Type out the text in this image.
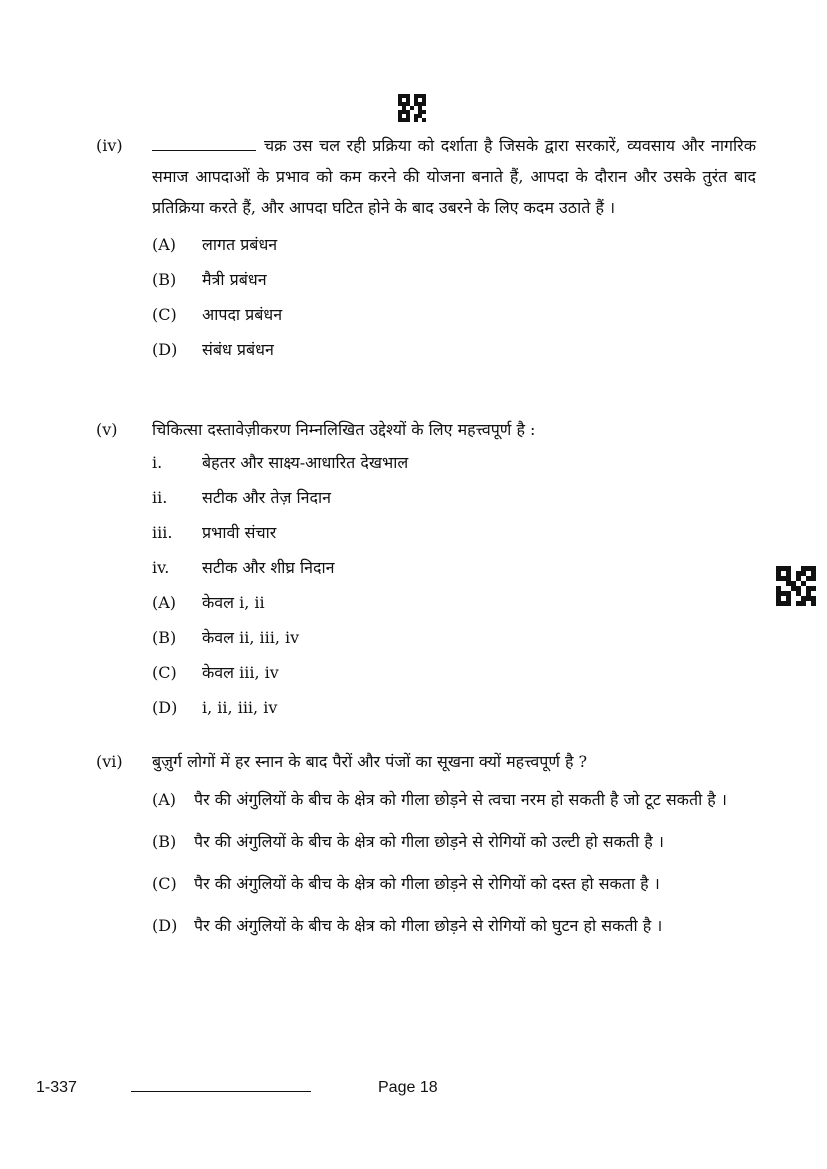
(iv)	चक्र उस चल रही प्रक्रिया को दर्शाता है जिसके द्वारा सरकारें, व्यवसाय और नागरिक समाज आपदाओं के प्रभाव को कम करने की योजना बनाते हैं, आपदा के दौरान और उसके तुरंत बाद प्रतिक्रिया करते हैं, और आपदा घटित होने के बाद उबरने के लिए कदम उठाते हैं ।

(A)	लागत प्रबंधन
(B)	मैत्री प्रबंधन
(C)	आपदा प्रबंधन
(D)	संबंध प्रबंधन
(v)	चिकित्सा दस्तावेज़ीकरण निम्नलिखित उद्देश्यों के लिए महत्त्वपूर्ण है :

i.	बेहतर और साक्ष्य-आधारित देखभाल
ii.	सटीक और तेज़ निदान
iii.	प्रभावी संचार
iv.	सटीक और शीघ्र निदान
(A)	केवल i, ii
(B)	केवल ii, iii, iv
(C)	केवल iii, iv
(D)	i, ii, iii, iv
(vi)	बुज़ुर्ग लोगों में हर स्नान के बाद पैरों और पंजों का सूखना क्यों महत्त्वपूर्ण है ?

(A)	पैर की अंगुलियों के बीच के क्षेत्र को गीला छोड़ने से त्वचा नरम हो सकती है जो टूट सकती है ।
(B)	पैर की अंगुलियों के बीच के क्षेत्र को गीला छोड़ने से रोगियों को उल्टी हो सकती है ।
(C)	पैर की अंगुलियों के बीच के क्षेत्र को गीला छोड़ने से रोगियों को दस्त हो सकता है ।
(D)	पैर की अंगुलियों के बीच के क्षेत्र को गीला छोड़ने से रोगियों को घुटन हो सकती है ।
1-337	Page 18
